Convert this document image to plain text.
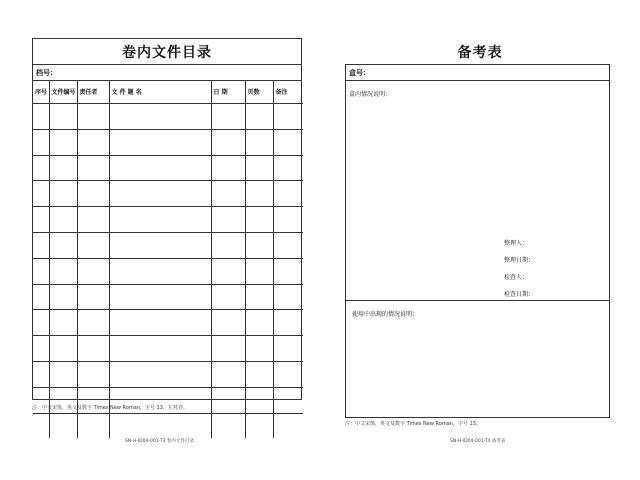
卷内文件目录
档号：
序号	文件编号	责任者	文 件 题 名	日 期	页数	备注

注：中文宋体，英文及数字 Times New Roman，字号 13，左对齐。
SN-H-ID04-001-T3 卷内文件目录
备考表
盒号：
盒内情况说明：
整理人：
整理日期：
检查人：
检查日期：
使用中出现的情况说明：
注：中文宋体，英文及数字 Times New Roman，字号 13。
SN-H-ID04-001-T4 备考表
